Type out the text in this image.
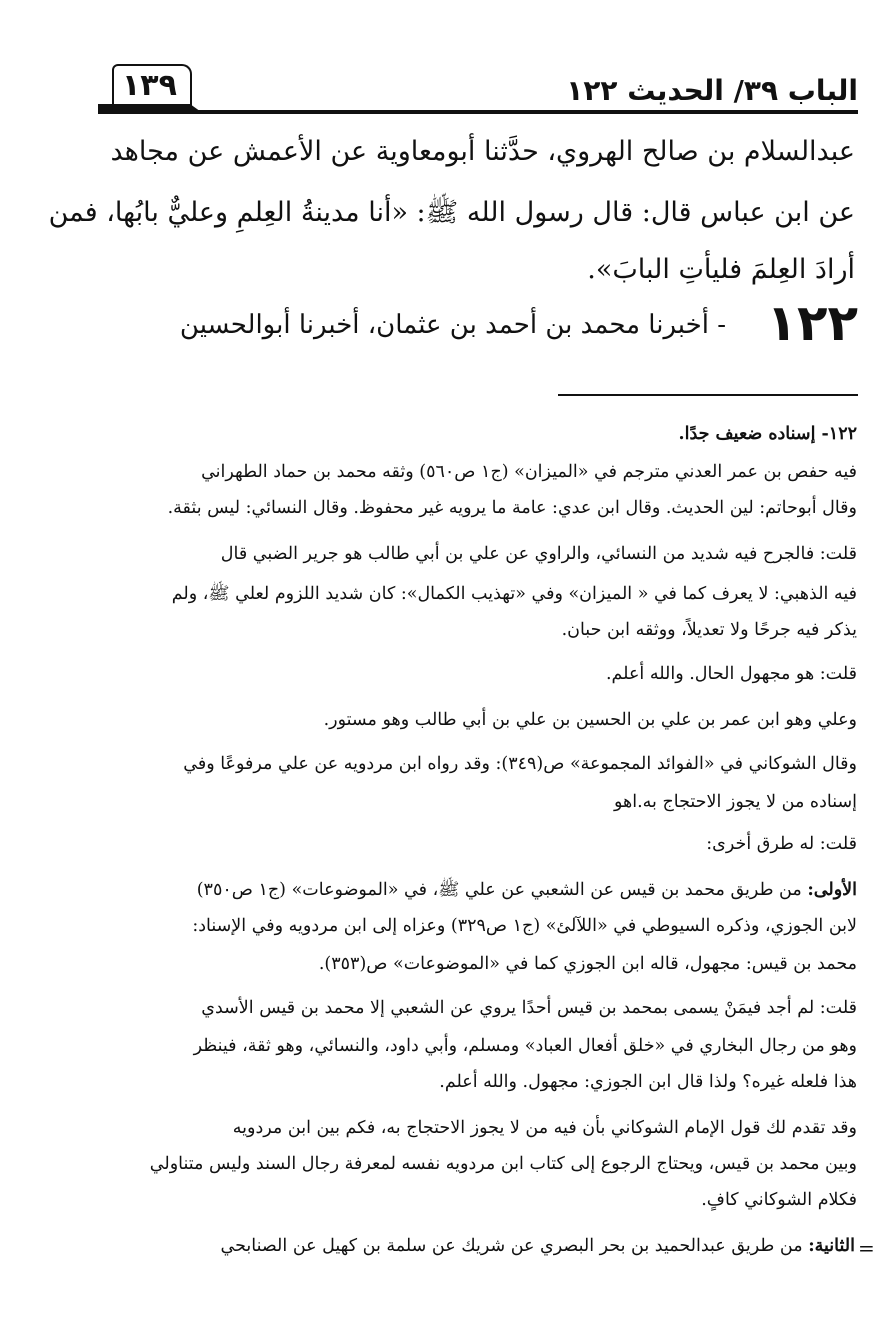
١٣٩	الباب ٣٩/ الحديث ١٢٢
عبدالسلام بن صالح الهروي، حدَّثنا أبومعاوية عن الأعمش عن مجاهد
عن ابن عباس قال: قال رسول الله ﷺ: «أنا مدينةُ العِلمِ وعليٌّ بابُها، فمن
أرادَ العِلمَ فليأتِ البابَ».
١٢٢
- أخبرنا محمد بن أحمد بن عثمان، أخبرنا أبوالحسين
١٢٢- إسناده ضعيف جدًا.
فيه حفص بن عمر العدني مترجم في «الميزان» (ج١ ص٥٦٠) وثقه محمد بن حماد الطهراني
وقال أبوحاتم: لين الحديث. وقال ابن عدي: عامة ما يرويه غير محفوظ. وقال النسائي: ليس بثقة.
قلت: فالجرح فيه شديد من النسائي، والراوي عن علي بن أبي طالب هو جرير الضبي قال
فيه الذهبي: لا يعرف كما في « الميزان» وفي «تهذيب الكمال»: كان شديد اللزوم لعلي ﷺ، ولم
يذكر فيه جرحًا ولا تعديلاً، ووثقه ابن حبان.
قلت: هو مجهول الحال. والله أعلم.
وعلي وهو ابن عمر بن علي بن الحسين بن علي بن أبي طالب وهو مستور.
وقال الشوكاني في «الفوائد المجموعة» ص(٣٤٩): وقد رواه ابن مردويه عن علي مرفوعًا وفي
إسناده من لا يجوز الاحتجاج به.اهو
قلت: له طرق أخرى:
الأولى: من طريق محمد بن قيس عن الشعبي عن علي ﷺ، في «الموضوعات» (ج١ ص٣٥٠)
لابن الجوزي، وذكره السيوطي في «اللآلئ» (ج١ ص٣٢٩) وعزاه إلى ابن مردويه وفي الإسناد:
محمد بن قيس: مجهول، قاله ابن الجوزي كما في «الموضوعات» ص(٣٥٣).
قلت: لم أجد فيمَنْ يسمى بمحمد بن قيس أحدًا يروي عن الشعبي إلا محمد بن قيس الأسدي
وهو من رجال البخاري في «خلق أفعال العباد» ومسلم، وأبي داود، والنسائي، وهو ثقة، فينظر
هذا فلعله غيره؟ ولذا قال ابن الجوزي: مجهول. والله أعلم.
وقد تقدم لك قول الإمام الشوكاني بأن فيه من لا يجوز الاحتجاج به، فكم بين ابن مردويه
وبين محمد بن قيس، ويحتاج الرجوع إلى كتاب ابن مردويه نفسه لمعرفة رجال السند وليس متناولي
فكلام الشوكاني كافٍ.
الثانية: من طريق عبدالحميد بن بحر البصري عن شريك عن سلمة بن كهيل عن الصنابحي	=
